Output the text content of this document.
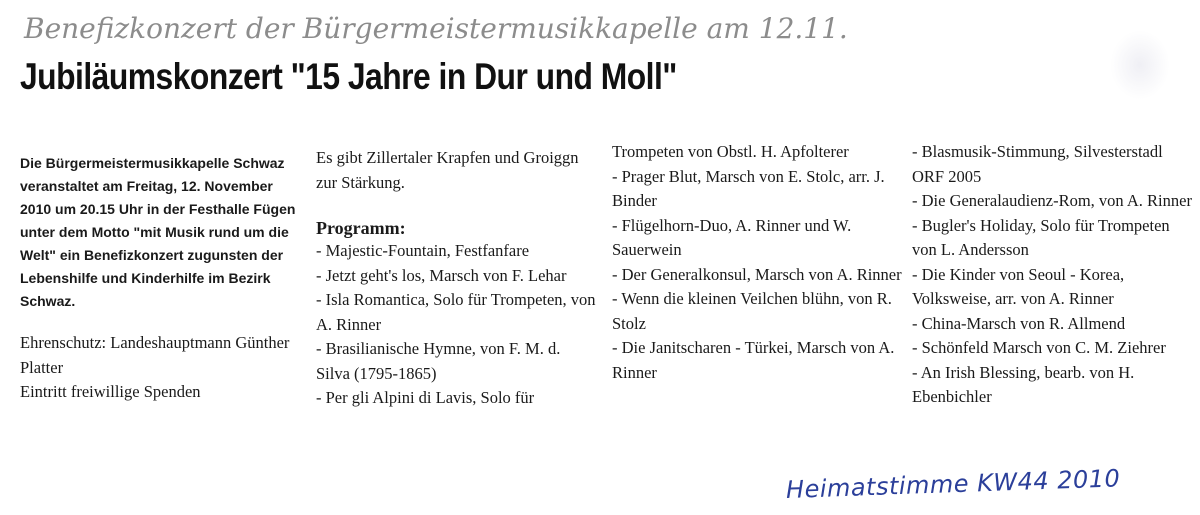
Benefizkonzert der Bürgermeistermusikkapelle am 12.11.
Jubiläumskonzert "15 Jahre in Dur und Moll"

Die Bürgermeistermusikkapelle Schwaz veranstaltet am Freitag, 12. November 2010 um 20.15 Uhr in der Festhalle Fügen unter dem Motto "mit Musik rund um die Welt" ein Benefizkonzert zugunsten der Lebenshilfe und Kinderhilfe im Bezirk Schwaz.

Ehrenschutz: Landeshauptmann Günther Platter

Eintritt freiwillige Spenden

Es gibt Zillertaler Krapfen und Groiggn zur Stärkung.

Programm:

- Majestic-Fountain, Festfanfare
- Jetzt geht's los, Marsch von F. Lehar
- Isla Romantica, Solo für Trompeten, von A. Rinner
- Brasilianische Hymne, von F. M. d. Silva (1795-1865)
- Per gli Alpini di Lavis, Solo für
Trompeten von Obstl. H. Apfolterer
- Prager Blut, Marsch von E. Stolc, arr. J. Binder
- Flügelhorn-Duo, A. Rinner und W. Sauerwein
- Der Generalkonsul, Marsch von A. Rinner
- Wenn die kleinen Veilchen blühn, von R. Stolz
- Die Janitscharen - Türkei, Marsch von A. Rinner
- Blasmusik-Stimmung, Silvesterstadl ORF 2005
- Die Generalaudienz-Rom, von A. Rinner
- Bugler's Holiday, Solo für Trompeten von L. Andersson
- Die Kinder von Seoul - Korea, Volksweise, arr. von A. Rinner
- China-Marsch von R. Allmend
- Schönfeld Marsch von C. M. Ziehrer
- An Irish Blessing, bearb. von H. Ebenbichler
Heimatstimme KW44 2010
